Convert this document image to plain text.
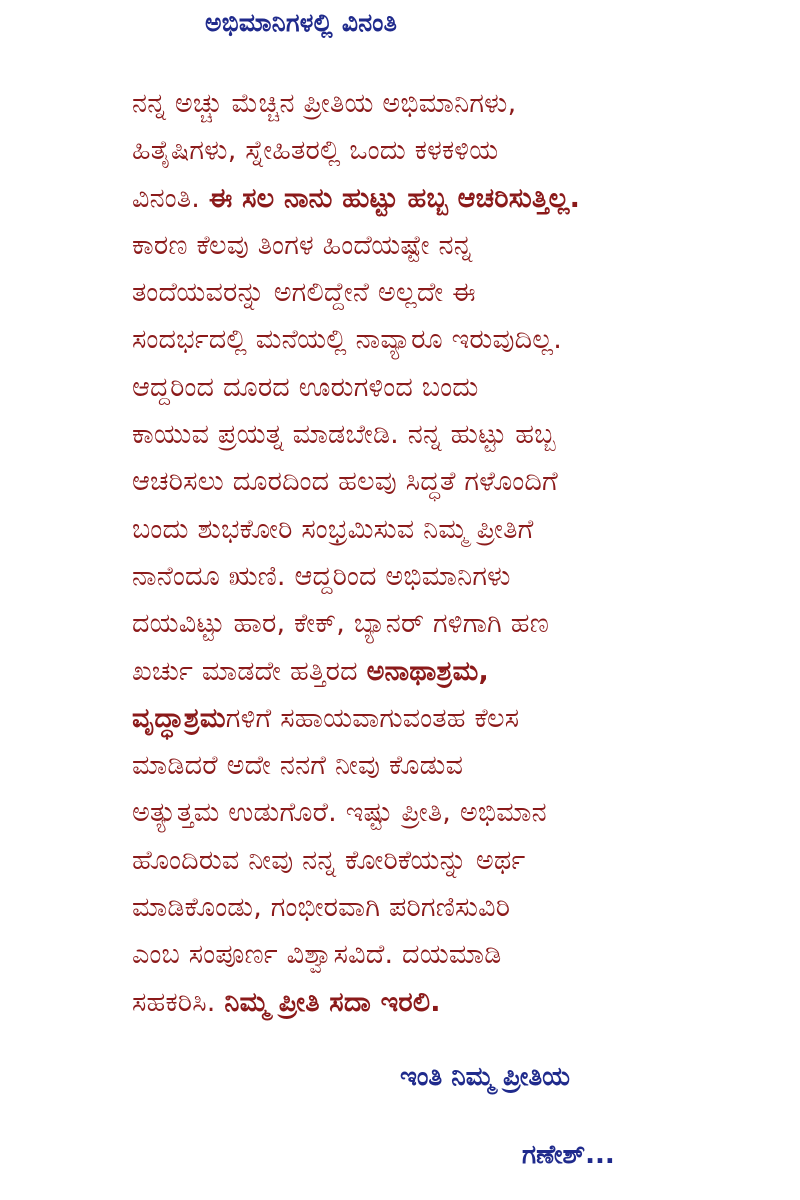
ಅಭಿಮಾನಿಗಳಲ್ಲಿ ವಿನಂತಿ
ನನ್ನ ಅಚ್ಚು ಮೆಚ್ಚಿನ ಪ್ರೀತಿಯ ಅಭಿಮಾನಿಗಳು,
ಹಿತೈಷಿಗಳು, ಸ್ನೇಹಿತರಲ್ಲಿ ಒಂದು ಕಳಕಳಿಯ
ವಿನಂತಿ. ಈ ಸಲ ನಾನು ಹುಟ್ಟು ಹಬ್ಬ ಆಚರಿಸುತ್ತಿಲ್ಲ.
ಕಾರಣ ಕೆಲವು ತಿಂಗಳ ಹಿಂದೆಯಷ್ಟೇ ನನ್ನ
ತಂದೆಯವರನ್ನು ಅಗಲಿದ್ದೇನೆ ಅಲ್ಲದೇ ಈ
ಸಂದರ್ಭದಲ್ಲಿ ಮನೆಯಲ್ಲಿ ನಾವ್ಯಾರೂ ಇರುವುದಿಲ್ಲ.
ಆದ್ದರಿಂದ ದೂರದ ಊರುಗಳಿಂದ ಬಂದು
ಕಾಯುವ ಪ್ರಯತ್ನ ಮಾಡಬೇಡಿ. ನನ್ನ ಹುಟ್ಟು ಹಬ್ಬ
ಆಚರಿಸಲು ದೂರದಿಂದ ಹಲವು ಸಿದ್ಧತೆ ಗಳೊಂದಿಗೆ
ಬಂದು ಶುಭಕೋರಿ ಸಂಭ್ರಮಿಸುವ ನಿಮ್ಮ ಪ್ರೀತಿಗೆ
ನಾನೆಂದೂ ಋಣಿ. ಆದ್ದರಿಂದ ಅಭಿಮಾನಿಗಳು
ದಯವಿಟ್ಟು ಹಾರ, ಕೇಕ್, ಬ್ಯಾನರ್ ಗಳಿಗಾಗಿ ಹಣ
ಖರ್ಚು ಮಾಡದೇ ಹತ್ತಿರದ ಅನಾಥಾಶ್ರಮ,
ವೃದ್ಧಾಶ್ರಮಗಳಿಗೆ ಸಹಾಯವಾಗುವಂತಹ ಕೆಲಸ
ಮಾಡಿದರೆ ಅದೇ ನನಗೆ ನೀವು ಕೊಡುವ
ಅತ್ಯುತ್ತಮ ಉಡುಗೊರೆ. ಇಷ್ಟು ಪ್ರೀತಿ, ಅಭಿಮಾನ
ಹೊಂದಿರುವ ನೀವು ನನ್ನ ಕೋರಿಕೆಯನ್ನು ಅರ್ಥ
ಮಾಡಿಕೊಂಡು, ಗಂಭೀರವಾಗಿ ಪರಿಗಣಿಸುವಿರಿ
ಎಂಬ ಸಂಪೂರ್ಣ ವಿಶ್ವಾಸವಿದೆ. ದಯಮಾಡಿ
ಸಹಕರಿಸಿ. ನಿಮ್ಮ ಪ್ರೀತಿ ಸದಾ ಇರಲಿ.
ಇಂತಿ ನಿಮ್ಮ ಪ್ರೀತಿಯ
ಗಣೇಶ್...
